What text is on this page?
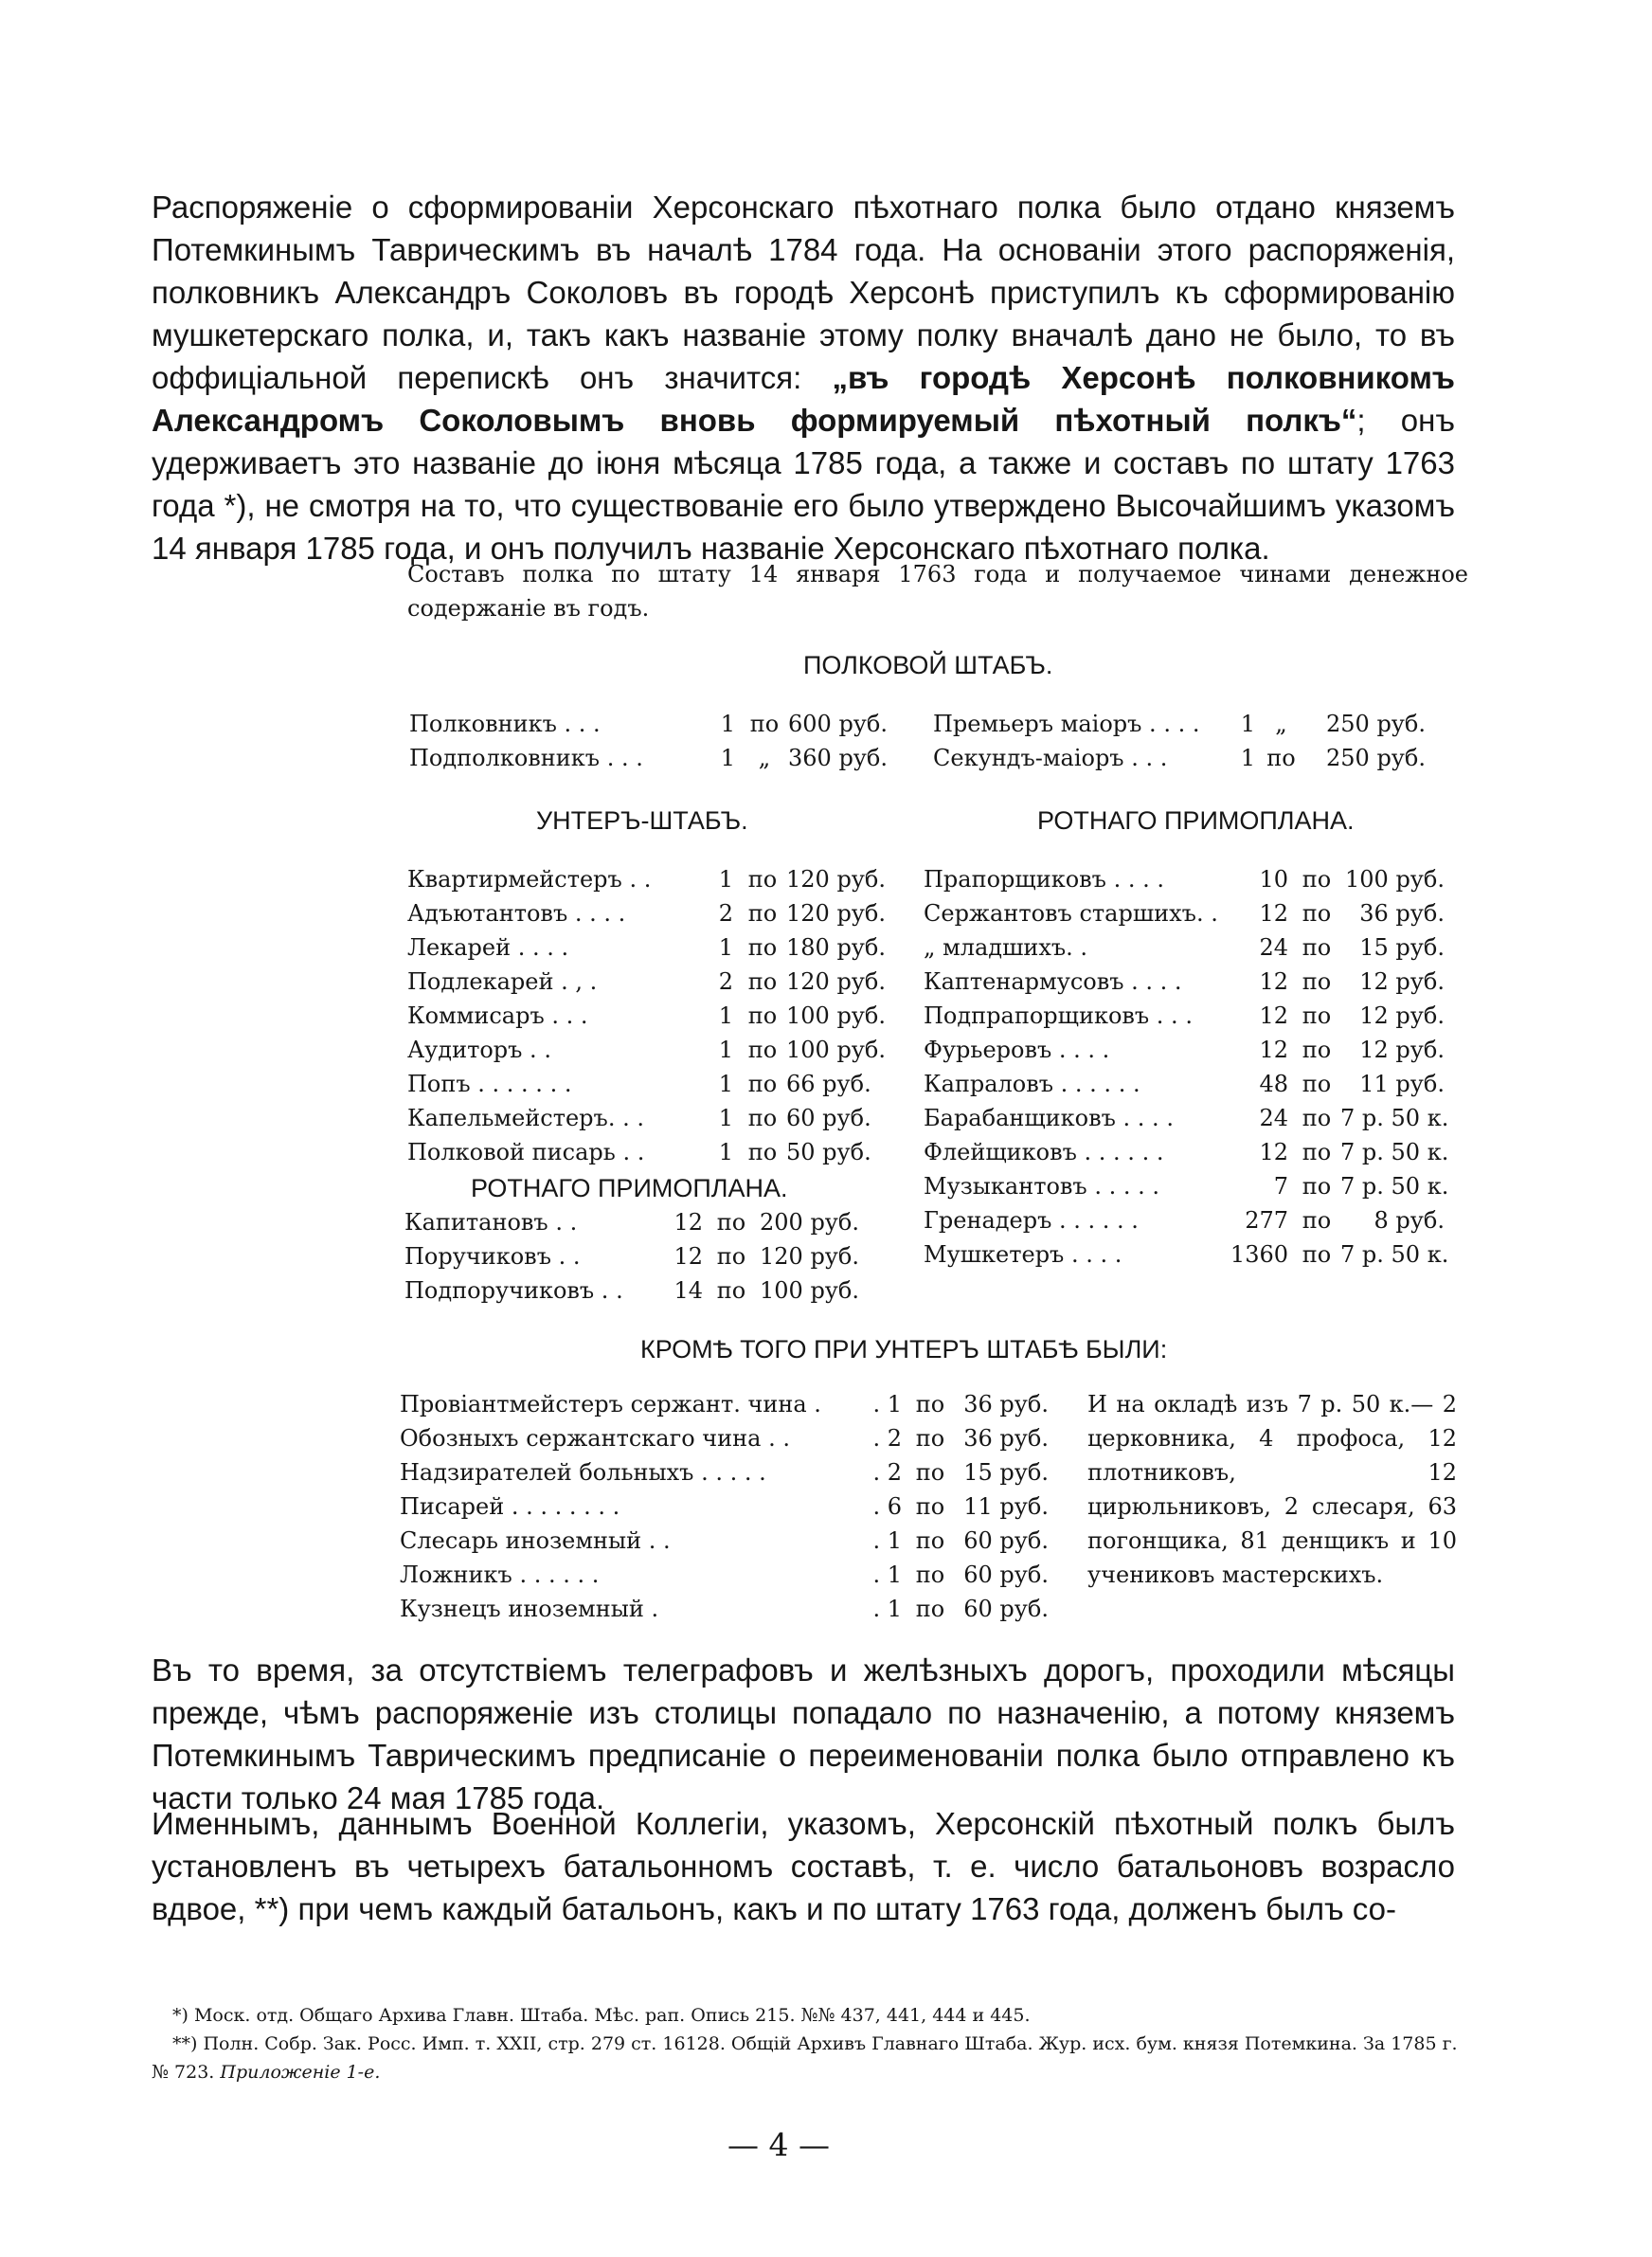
Распоряженіе о сформированіи Херсонскаго пѣхотнаго полка было отдано княземъ Потемкинымъ Таврическимъ въ началѣ 1784 года. На основаніи этого распоряженія, полковникъ Александръ Соколовъ въ городѣ Херсонѣ приступилъ къ сформированію мушкетерскаго полка, и, такъ какъ названіе этому полку вначалѣ дано не было, то въ оффиціальной перепискѣ онъ значится: „въ городѣ Херсонѣ полковникомъ Александромъ Соколовымъ вновь формируемый пѣхотный полкъ“; онъ удерживаетъ это названіе до іюня мѣсяца 1785 года, а также и составъ по штату 1763 года *), не смотря на то, что существованіе его было утверждено Высочайшимъ указомъ 14 января 1785 года, и онъ получилъ названіе Херсонскаго пѣхотнаго полка.

Составъ полка по штату 14 января 1763 года и получаемое чинами денежное содержаніе въ годъ.

ПОЛКОВОЙ ШТАБЪ.

УНТЕРЪ-ШТАБЪ.	РОТНАГО ПРИМОПЛАНА.

РОТНАГО ПРИМОПЛАНА.

КРОМѢ ТОГО ПРИ УНТЕРЪ ШТАБѢ БЫЛИ:

Полковникъ . . .	1 по 600 руб.
Подполковникъ . . .	1	„ 360 руб.
Премьеръ маіоръ . . . .	1 „	250 руб.
Секундъ-маіоръ . . .	1 по	250 руб.
Квартирмейстеръ . .	1 по 120 руб.
Адъютантовъ . . . .	2 по 120 руб.
Лекарей . . . .	1 по 180 руб.
Подлекарей . , .	2 по 120 руб.
Коммисаръ . . .	1 по 100 руб.
Аудиторъ . .	1 по 100 руб.
Попъ . . . . . . .	1 по 66 руб.
Капельмейстеръ. . .	1 по 60 руб.
Полковой писарь . .	1 по 50 руб.
Капитановъ . .	12 по 200 руб.
Поручиковъ . .	12 по 120 руб.
Подпоручиковъ . .	14 по 100 руб.
Прапорщиковъ . . . .	10 по 100 руб.
Сержантовъ старшихъ. .	12 по	36 руб.
„ младшихъ. .	24 по	15 руб.
Каптенармусовъ . . . .	12 по	12 руб.
Подпрапорщиковъ . . .	12 по	12 руб.
Фурьеровъ . . . .	12 по	12 руб.
Капраловъ . . . . . .	48 по	11 руб.
Барабанщиковъ . . . .	24 по 7 р. 50 к.
Флейщиковъ . . . . . .	12 по 7 р. 50 к.
Музыкантовъ . . . . .	7 по 7 р. 50 к.
Гренадеръ . . . . . .	277 по	8 руб.
Мушкетеръ . . . .	1360 по 7 р. 50 к.
Провіантмейстеръ сержант. чина .	. 1 по 36 руб.
Обозныхъ сержантскаго чина . .	. 2 по 36 руб.
Надзирателей больныхъ . . . . .	. 2 по 15 руб.
Писарей . . . . . . . .	. 6 по 11 руб.
Слесарь иноземный . .	. 1 по 60 руб.
Ложникъ . . . . . .	. 1 по 60 руб.
Кузнецъ иноземный .	. 1 по 60 руб.

И на окладѣ изъ 7 р. 50 к.— 2 церковника, 4 профоса, 12 плотниковъ, 12 цирюльниковъ, 2 слесаря, 63 погонщика, 81 денщикъ и 10 учениковъ мастерскихъ.

Въ то время, за отсутствіемъ телеграфовъ и желѣзныхъ дорогъ, проходили мѣсяцы прежде, чѣмъ распоряженіе изъ столицы попадало по назначенію, а потому княземъ Потемкинымъ Таврическимъ предписаніе о переименованіи полка было отправлено къ части только 24 мая 1785 года.

Именнымъ, даннымъ Военной Коллегіи, указомъ, Херсонскій пѣхотный полкъ былъ установленъ въ четырехъ батальонномъ составѣ, т. е. число батальоновъ возрасло вдвое, **) при чемъ каждый батальонъ, какъ и по штату 1763 года, долженъ былъ со-

*) Моск. отд. Общаго Архива Главн. Штаба. Мѣс. рап. Опись 215. №№ 437, 441, 444 и 445.

**) Полн. Собр. Зак. Росс. Имп. т. XXII, стр. 279 ст. 16128. Общій Архивъ Главнаго Штаба. Жур. исх. бум. князя Потемкина. За 1785 г. № 723. Приложеніе 1-е.

— 4 —
